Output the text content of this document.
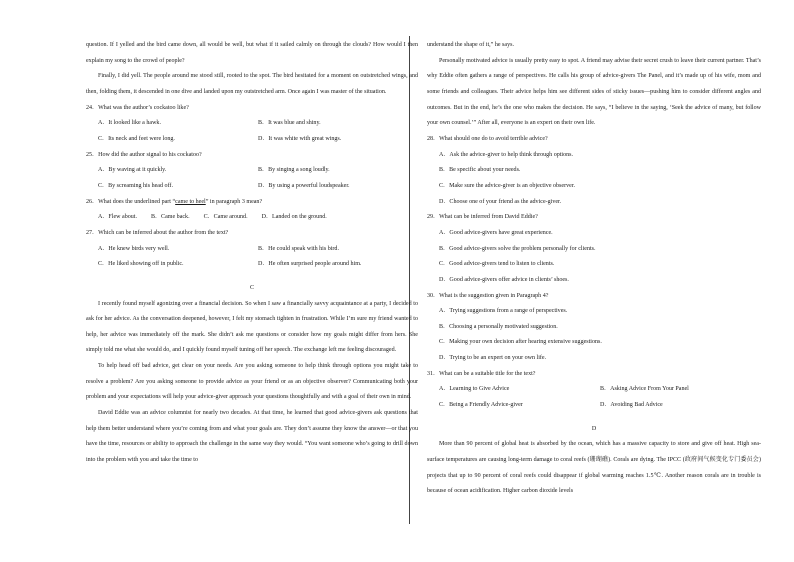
question. If I yelled and the bird came down, all would be well, but what if it sailed calmly on through the clouds? How would I then explain my song to the crowd of people?

Finally, I did yell. The people around me stood still, rooted to the spot. The bird hesitated for a moment on outstretched wings, and then, folding them, it descended in one dive and landed upon my outstretched arm. Once again I was master of the situation.

24．What was the author’s cockatoo like?

A．It looked like a hawk.	B．It was blue and shiny.
C．Its neck and feet were long.	D．It was white with great wings.

25．How did the author signal to his cockatoo?

A．By waving at it quickly.	B．By singing a song loudly.
C．By screaming his head off.	D．By using a powerful loudspeaker.

26．What does the underlined part “came to heel” in paragraph 3 mean?

A．Flew about. B．Came back. C．Came around. D．Landed on the ground.

27．Which can be inferred about the author from the text?

A．He knew birds very well.	B．He could speak with his bird.
C．He liked showing off in public.	D．He often surprised people around him.

C

I recently found myself agonizing over a financial decision. So when I saw a financially savvy acquaintance at a party, I decided to ask for her advice. As the conversation deepened, however, I felt my stomach tighten in frustration. While I’m sure my friend wanted to help, her advice was immediately off the mark. She didn’t ask me questions or consider how my goals might differ from hers. She simply told me what she would do, and I quickly found myself tuning off her speech. The exchange left me feeling discouraged.

To help head off bad advice, get clear on your needs. Are you asking someone to help think through options you might take to resolve a problem? Are you asking someone to provide advice as your friend or as an objective observer? Communicating both your problem and your expectations will help your advice-giver approach your questions thoughtfully and with a goal of their own in mind.

David Eddie was an advice columnist for nearly two decades. At that time, he learned that good advice-givers ask questions that help them better understand where you’re coming from and what your goals are. They don’t assume they know the answer—or that you have the time, resources or ability to approach the challenge in the same way they would. “You want someone who’s going to drill down into the problem with you and take the time to

understand the shape of it,” he says.

Personally motivated advice is usually pretty easy to spot. A friend may advise their secret crush to leave their current partner. That’s why Eddie often gathers a range of perspectives. He calls his group of advice-givers The Panel, and it’s made up of his wife, mom and some friends and colleagues. Their advice helps him see different sides of sticky issues—pushing him to consider different angles and outcomes. But in the end, he’s the one who makes the decision. He says, “I believe in the saying, ‘Seek the advice of many, but follow your own counsel.’” After all, everyone is an expert on their own life.

28．What should one do to avoid terrible advice?

A．Ask the advice-giver to help think through options.
B．Be specific about your needs.
C．Make sure the advice-giver is an objective observer.
D．Choose one of your friend as the advice-giver.

29．What can be inferred from David Eddie?

A．Good advice-givers have great experience.
B．Good advice-givers solve the problem personally for clients.
C．Good advice-givers tend to listen to clients.
D．Good advice-givers offer advice in clients’ shoes.

30．What is the suggestion given in Paragraph 4?

A．Trying suggestions from a range of perspectives.
B．Choosing a personally motivated suggestion.
C．Making your own decision after hearing extensive suggestions.
D．Trying to be an expert on your own life.

31．What can be a suitable title for the text?

A．Learning to Give Advice	B．Asking Advice From Your Panel
C．Being a Friendly Advice-giver	D．Avoiding Bad Advice

D

More than 90 percent of global heat is absorbed by the ocean, which has a massive capacity to store and give off heat. High sea-surface temperatures are causing long-term damage to coral reefs (珊瑚礁). Corals are dying. The IPCC (政府间气候变化专门委员会) projects that up to 90 percent of coral reefs could disappear if global warming reaches 1.5℃. Another reason corals are in trouble is because of ocean acidification. Higher carbon dioxide levels
